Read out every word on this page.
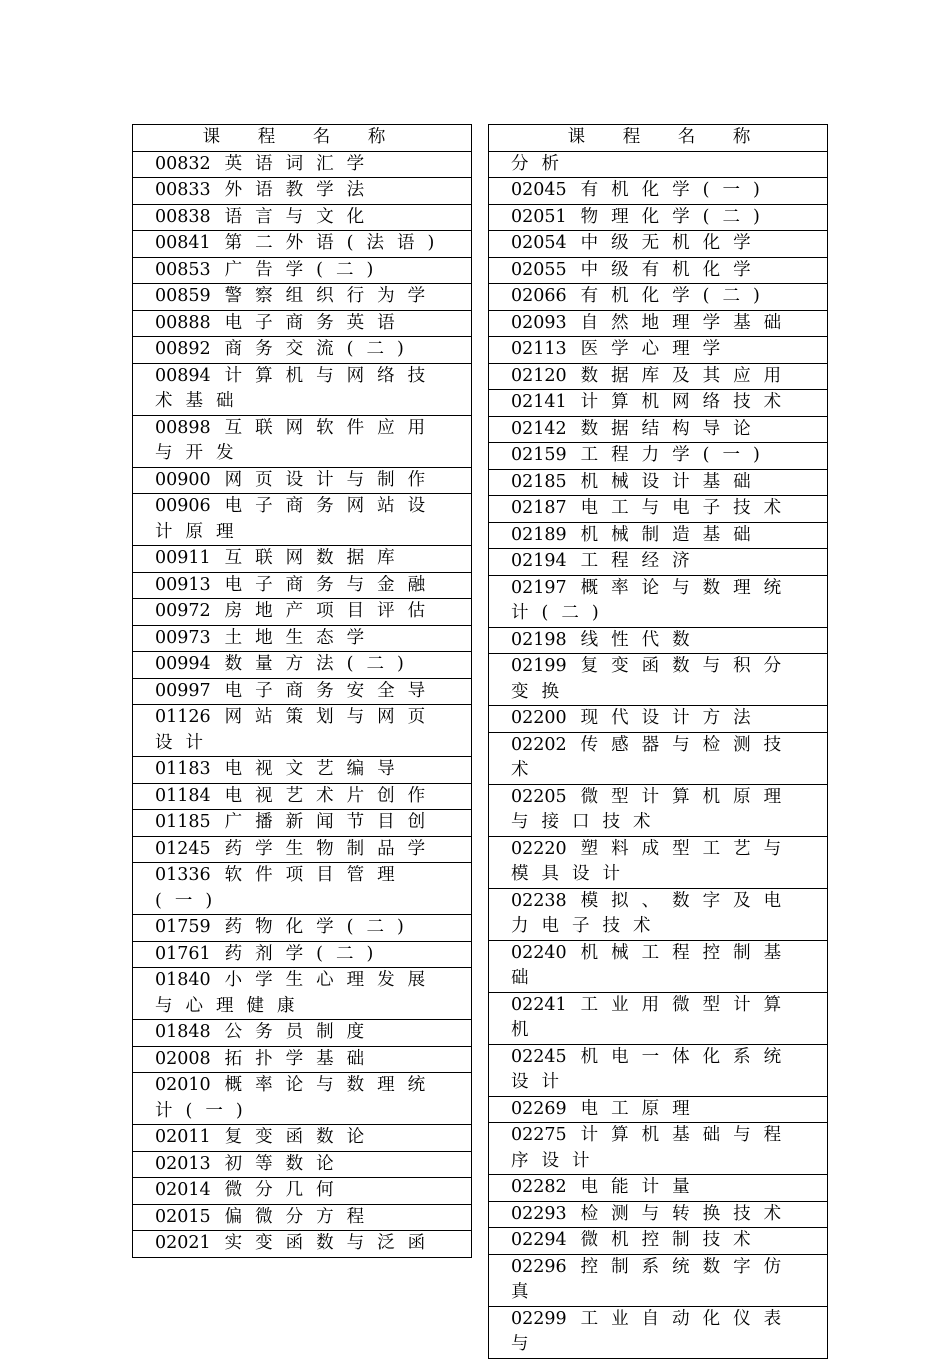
课 程 名 称
00832 英语词汇学
00833 外语教学法
00838 语言与文化
00841 第二外语(法语)
00853 广告学(二)
00859 警察组织行为学
00888 电子商务英语
00892 商务交流(二)
00894 计算机与网络技术基础
00898 互联网软件应用与开发
00900 网页设计与制作
00906 电子商务网站设计原理
00911 互联网数据库
00913 电子商务与金融
00972 房地产项目评估
00973 土地生态学
00994 数量方法(二)
00997 电子商务安全导
01126 网站策划与网页设计
01183 电视文艺编导
01184 电视艺术片创作
01185 广播新闻节目创
01245 药学生物制品学
01336 软件项目管理(一)
01759 药物化学(二)
01761 药剂学(二)
01840 小学生心理发展与心理健康
01848 公务员制度
02008 拓扑学基础
02010 概率论与数理统计(一)
02011 复变函数论
02013 初等数论
02014 微分几何
02015 偏微分方程
02021 实变函数与泛函
课 程 名 称
分析
02045 有机化学(一)
02051 物理化学(二)
02054 中级无机化学
02055 中级有机化学
02066 有机化学(二)
02093 自然地理学基础
02113 医学心理学
02120 数据库及其应用
02141 计算机网络技术
02142 数据结构导论
02159 工程力学(一)
02185 机械设计基础
02187 电工与电子技术
02189 机械制造基础
02194 工程经济
02197 概率论与数理统计(二)
02198 线性代数
02199 复变函数与积分变换
02200 现代设计方法
02202 传感器与检测技术
02205 微型计算机原理与接口技术
02220 塑料成型工艺与模具设计
02238 模拟、数字及电力电子技术
02240 机械工程控制基础
02241 工业用微型计算机
02245 机电一体化系统设计
02269 电工原理
02275 计算机基础与程序设计
02282 电能计量
02293 检测与转换技术
02294 微机控制技术
02296 控制系统数字仿真
02299 工业自动化仪表与
